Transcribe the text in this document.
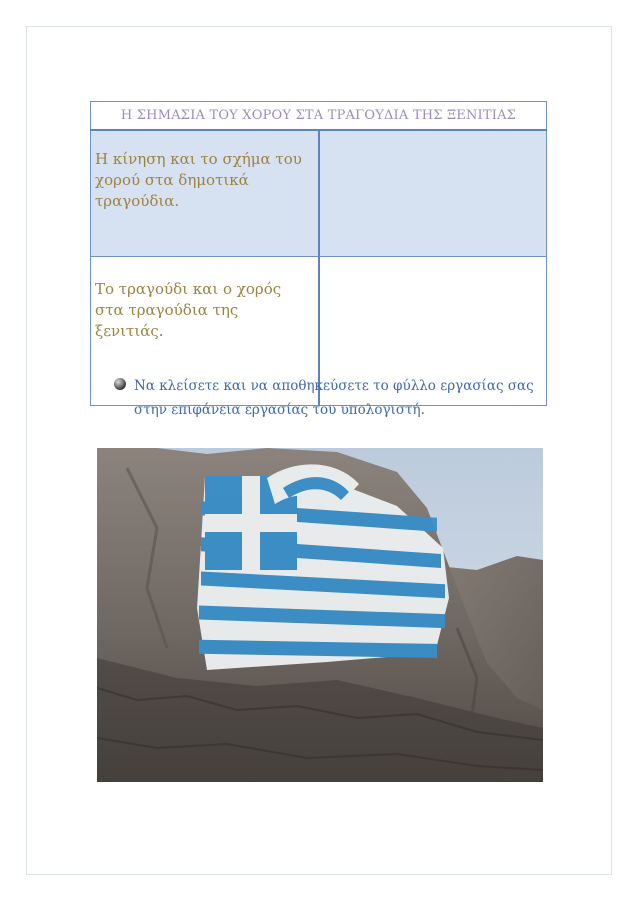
Η ΣΗΜΑΣΙΑ ΤΟΥ ΧΟΡΟΥ ΣΤΑ ΤΡΑΓΟΥΔΙΑ ΤΗΣ ΞΕΝΙΤΙΑΣ	
Η κίνηση και το σχήμα του χορού στα δημοτικά τραγούδια.	
Το τραγούδι και ο χορός στα τραγούδια της ξενιτιάς.	
Να κλείσετε και να αποθηκεύσετε το φύλλο εργασίας σας στην επιφάνεια εργασίας του υπολογιστή.
